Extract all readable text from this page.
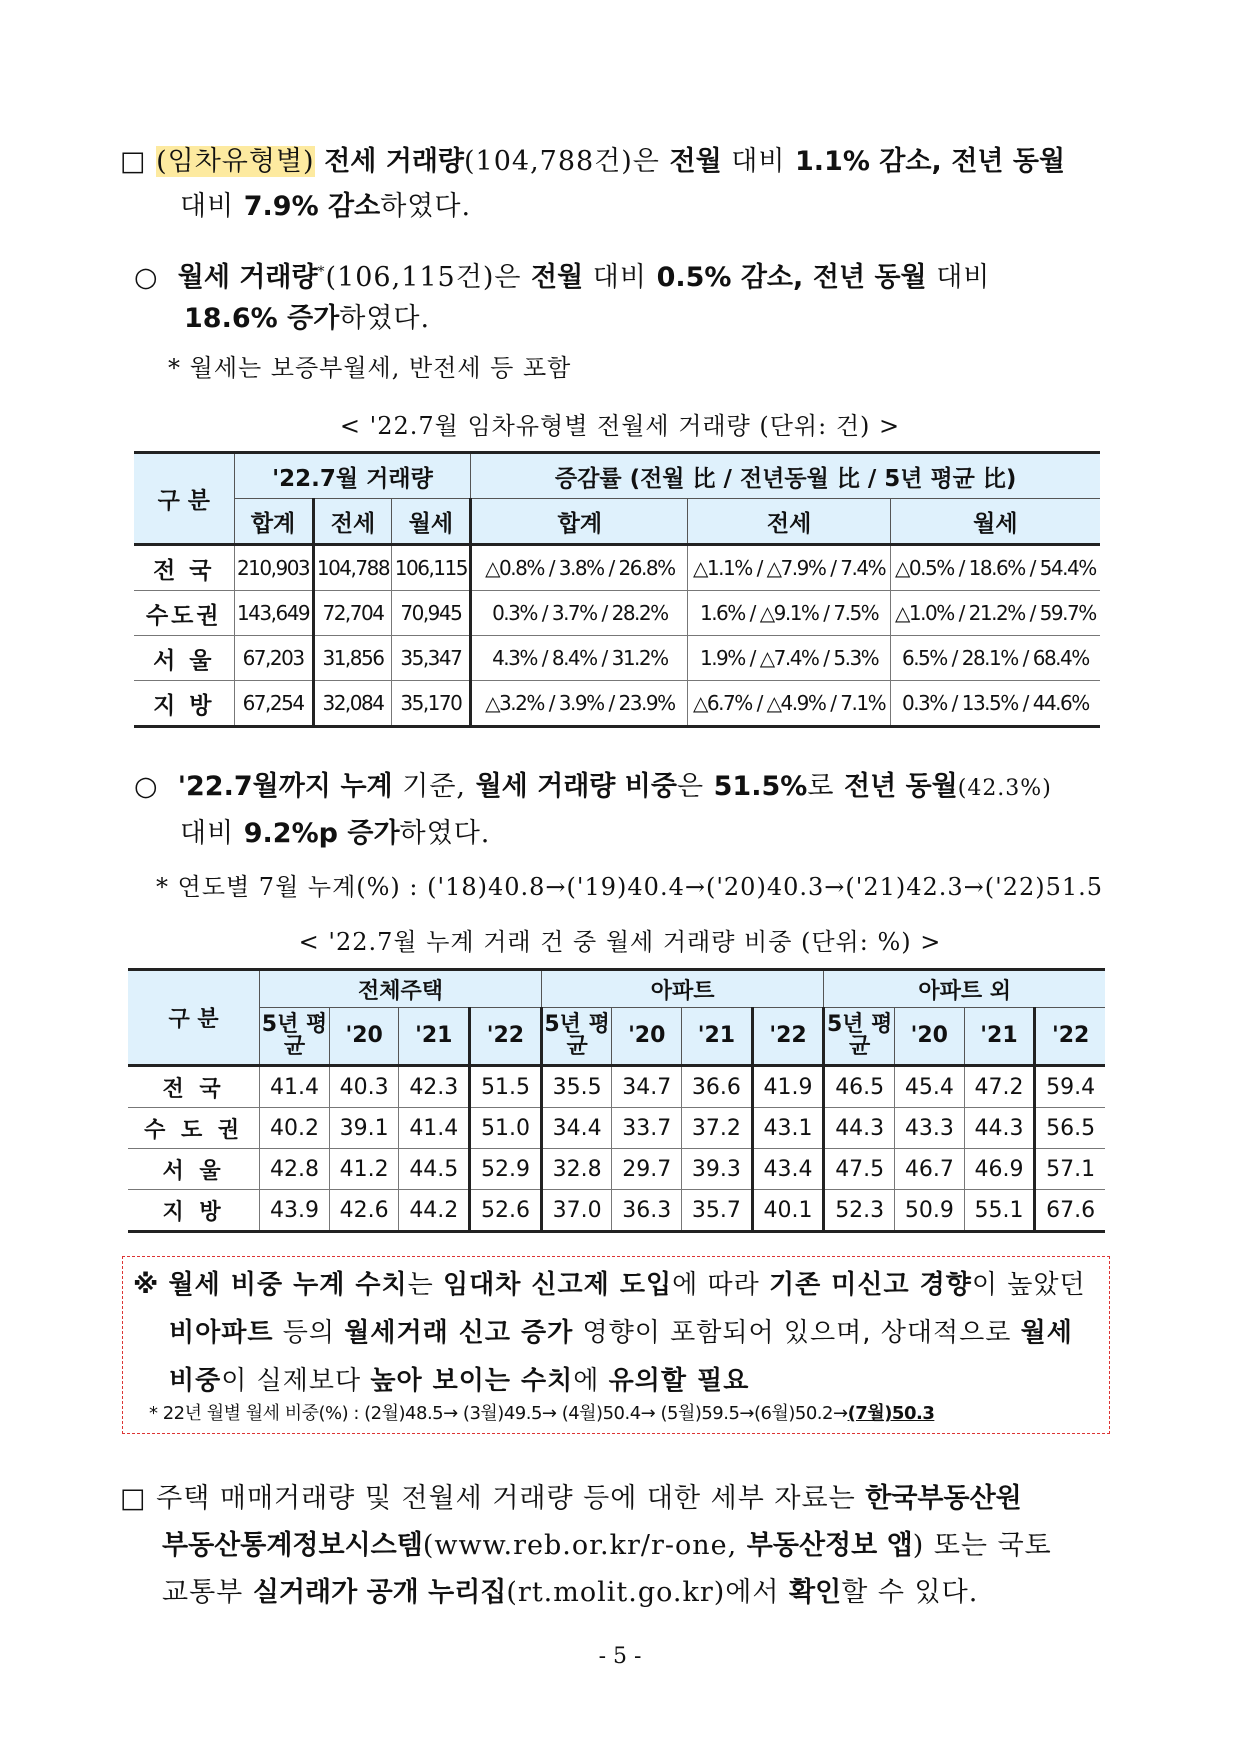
□ (임차유형별) 전세 거래량(104,788건)은 전월 대비 1.1% 감소, 전년 동월
대비 7.9% 감소하였다.
○ 월세 거래량*(106,115건)은 전월 대비 0.5% 감소, 전년 동월 대비
18.6% 증가하였다.
* 월세는 보증부월세, 반전세 등 포함
< '22.7월 임차유형별 전월세 거래량 (단위: 건) >
구 분	'22.7월 거래량			증감률 (전월 比 / 전년동월 比 / 5년 평균 比)		
	합계	전세	월세	합계	전세	월세
전 국	210,903	104,788	106,115	△0.8% / 3.8% / 26.8%	△1.1% / △7.9% / 7.4%	△0.5% / 18.6% / 54.4%
수도권	143,649	72,704	70,945	0.3% / 3.7% / 28.2%	1.6% / △9.1% / 7.5%	△1.0% / 21.2% / 59.7%
서 울	67,203	31,856	35,347	4.3% / 8.4% / 31.2%	1.9% / △7.4% / 5.3%	6.5% / 28.1% / 68.4%
지 방	67,254	32,084	35,170	△3.2% / 3.9% / 23.9%	△6.7% / △4.9% / 7.1%	0.3% / 13.5% / 44.6%
○ '22.7월까지 누계 기준, 월세 거래량 비중은 51.5%로 전년 동월(42.3%)
대비 9.2%p 증가하였다.
* 연도별 7월 누계(%) : ('18)40.8→('19)40.4→('20)40.3→('21)42.3→('22)51.5
< '22.7월 누계 거래 건 중 월세 거래량 비중 (단위: %) >
구 분	전체주택				아파트				아파트 외			
	5년 평균	'20	'21	'22	5년 평균	'20	'21	'22	5년 평균	'20	'21	'22
전 국	41.4	40.3	42.3	51.5	35.5	34.7	36.6	41.9	46.5	45.4	47.2	59.4
수 도 권	40.2	39.1	41.4	51.0	34.4	33.7	37.2	43.1	44.3	43.3	44.3	56.5
서 울	42.8	41.2	44.5	52.9	32.8	29.7	39.3	43.4	47.5	46.7	46.9	57.1
지 방	43.9	42.6	44.2	52.6	37.0	36.3	35.7	40.1	52.3	50.9	55.1	67.6
※ 월세 비중 누계 수치는 임대차 신고제 도입에 따라 기존 미신고 경향이 높았던
비아파트 등의 월세거래 신고 증가 영향이 포함되어 있으며, 상대적으로 월세
비중이 실제보다 높아 보이는 수치에 유의할 필요
* 22년 월별 월세 비중(%) : (2월)48.5→ (3월)49.5→ (4월)50.4→ (5월)59.5→(6월)50.2→(7월)50.3
□ 주택 매매거래량 및 전월세 거래량 등에 대한 세부 자료는 한국부동산원
부동산통계정보시스템(www.reb.or.kr/r-one, 부동산정보 앱) 또는 국토
교통부 실거래가 공개 누리집(rt.molit.go.kr)에서 확인할 수 있다.
- 5 -
